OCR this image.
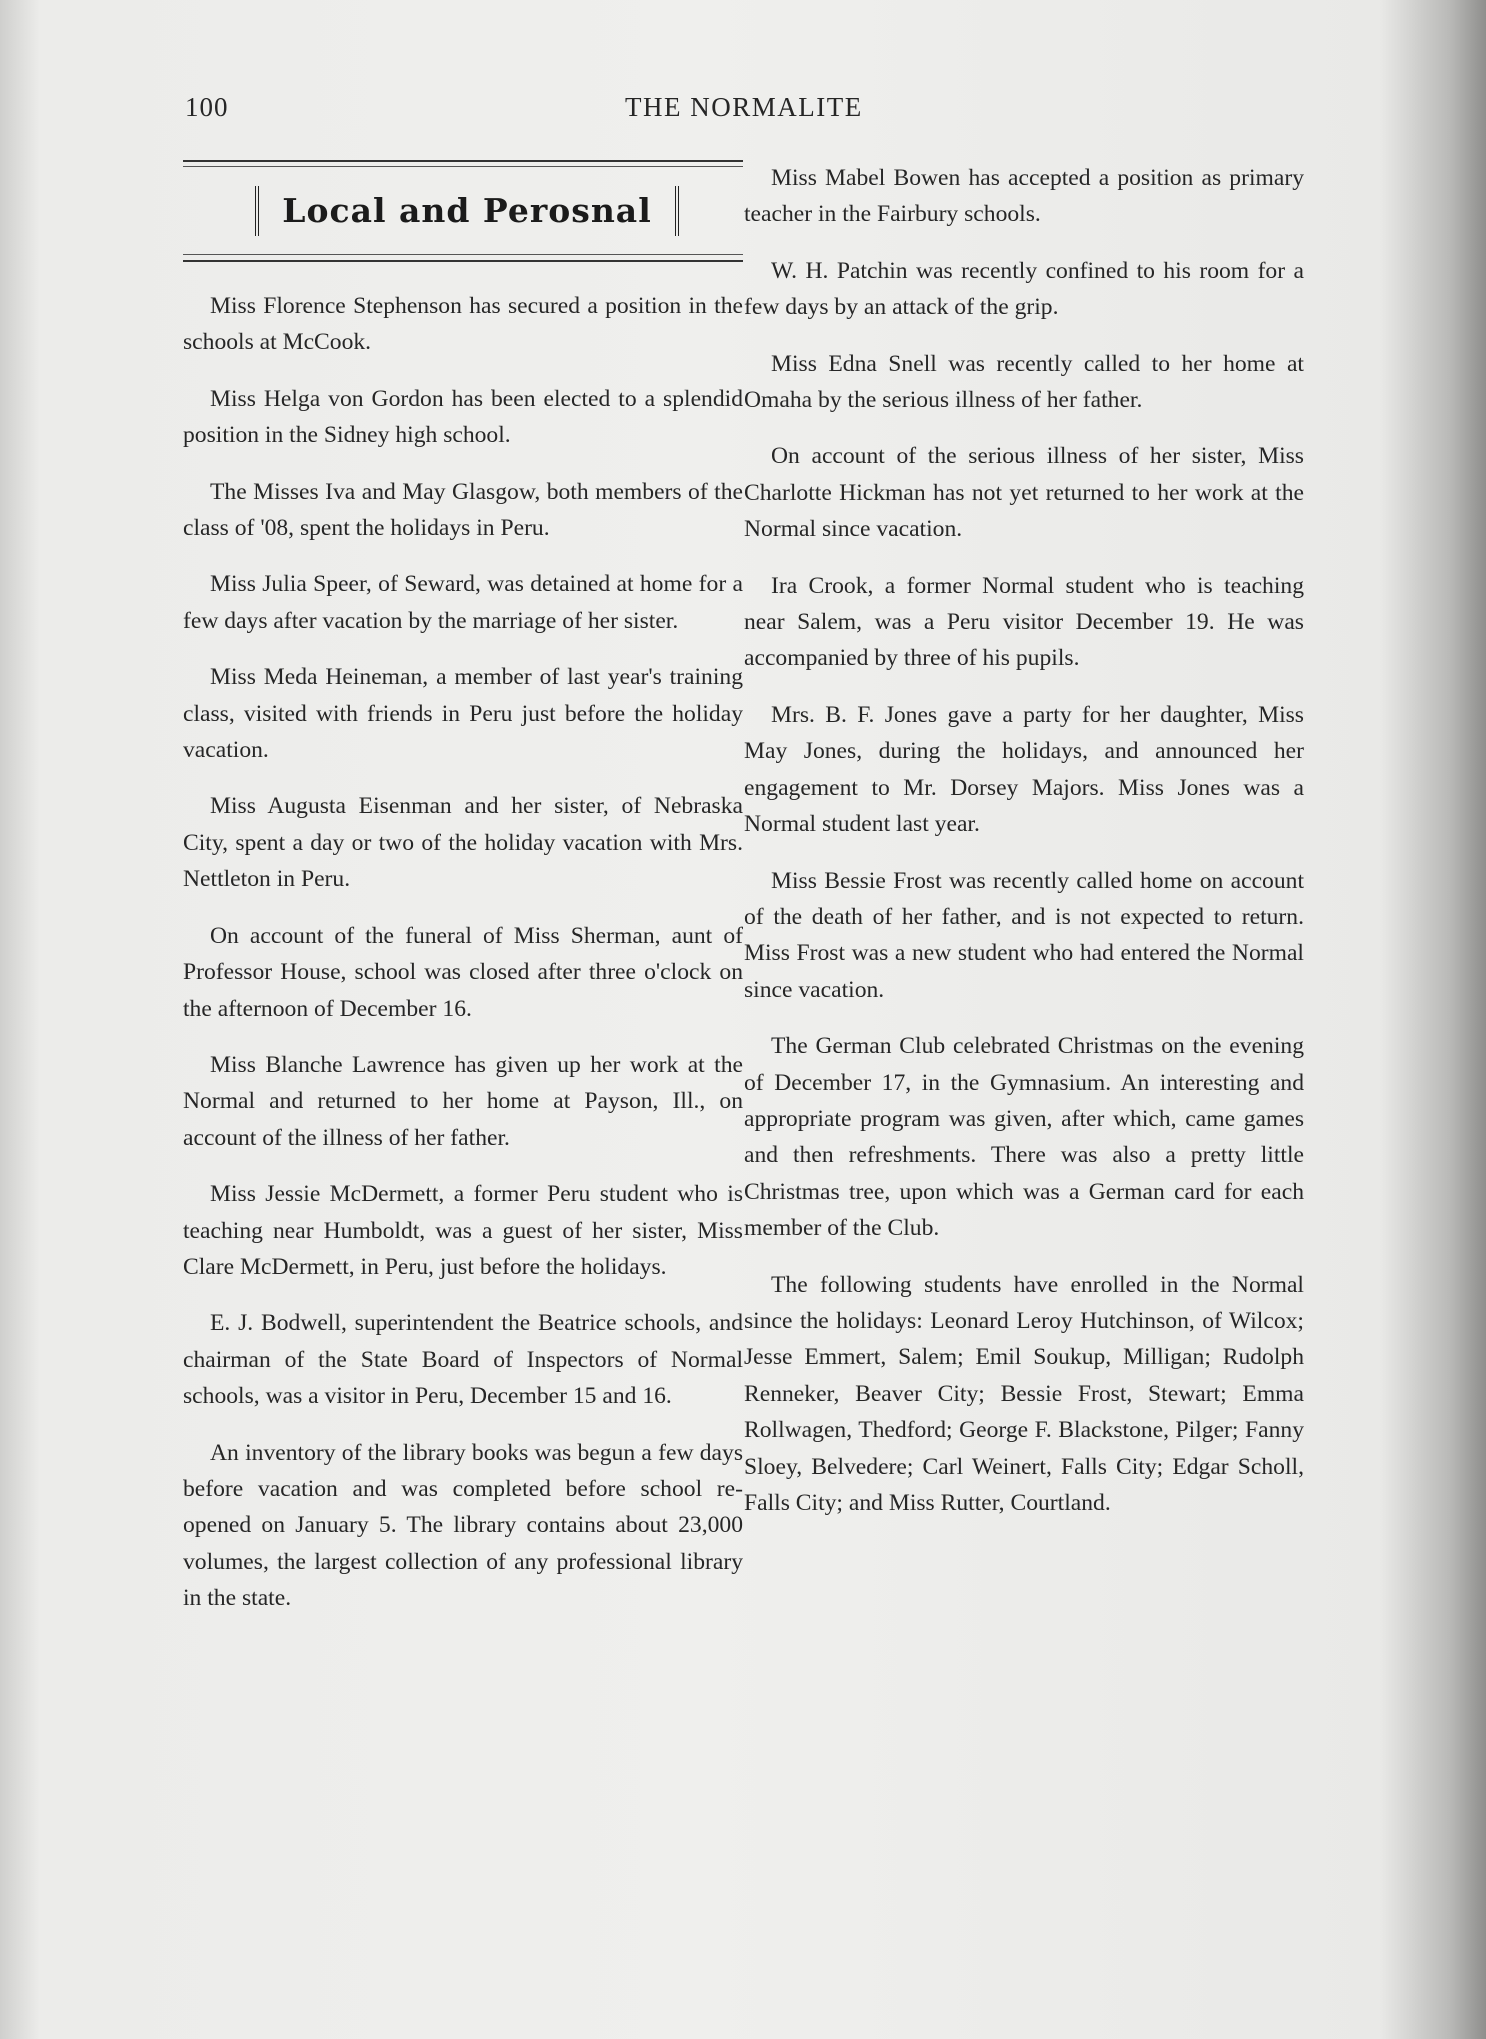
100	THE NORMALITE
Local and Perosnal

Miss Florence Stephenson has secured a position in the schools at McCook.

Miss Helga von Gordon has been elected to a splendid position in the Sidney high school.

The Misses Iva and May Glasgow, both members of the class of '08, spent the holidays in Peru.

Miss Julia Speer, of Seward, was detained at home for a few days after vacation by the marriage of her sister.

Miss Meda Heineman, a member of last year's training class, visited with friends in Peru just before the holiday vacation.

Miss Augusta Eisenman and her sister, of Nebraska City, spent a day or two of the holiday vacation with Mrs. Nettleton in Peru.

On account of the funeral of Miss Sherman, aunt of Professor House, school was closed after three o'clock on the afternoon of December 16.

Miss Blanche Lawrence has given up her work at the Normal and returned to her home at Payson, Ill., on account of the illness of her father.

Miss Jessie McDermett, a former Peru student who is teaching near Humboldt, was a guest of her sister, Miss Clare McDermett, in Peru, just before the holidays.

E. J. Bodwell, superintendent the Beatrice schools, and chairman of the State Board of Inspectors of Normal schools, was a visitor in Peru, December 15 and 16.

An inventory of the library books was begun a few days before vacation and was completed before school re-opened on January 5. The library contains about 23,000 volumes, the largest collection of any professional library in the state.

Miss Mabel Bowen has accepted a position as primary teacher in the Fairbury schools.

W. H. Patchin was recently confined to his room for a few days by an attack of the grip.

Miss Edna Snell was recently called to her home at Omaha by the serious illness of her father.

On account of the serious illness of her sister, Miss Charlotte Hickman has not yet returned to her work at the Normal since vacation.

Ira Crook, a former Normal student who is teaching near Salem, was a Peru visitor December 19. He was accompanied by three of his pupils.

Mrs. B. F. Jones gave a party for her daughter, Miss May Jones, during the holidays, and announced her engagement to Mr. Dorsey Majors. Miss Jones was a Normal student last year.

Miss Bessie Frost was recently called home on account of the death of her father, and is not expected to return. Miss Frost was a new student who had entered the Normal since vacation.

The German Club celebrated Christmas on the evening of December 17, in the Gymnasium. An interesting and appropriate program was given, after which, came games and then refreshments. There was also a pretty little Christmas tree, upon which was a German card for each member of the Club.

The following students have enrolled in the Normal since the holidays: Leonard Leroy Hutchinson, of Wilcox; Jesse Emmert, Salem; Emil Soukup, Milligan; Rudolph Renneker, Beaver City; Bessie Frost, Stewart; Emma Rollwagen, Thedford; George F. Blackstone, Pilger; Fanny Sloey, Belvedere; Carl Weinert, Falls City; Edgar Scholl, Falls City; and Miss Rutter, Courtland.
